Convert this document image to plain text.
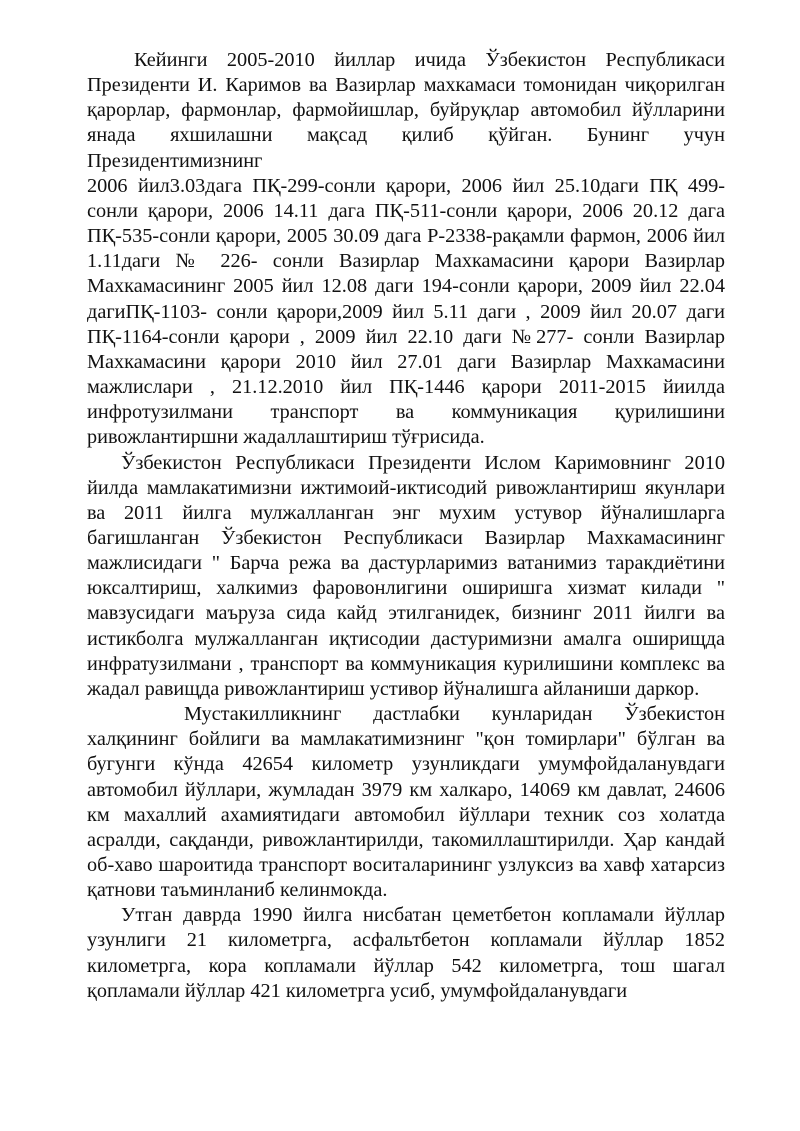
Кейинги 2005-2010 йиллар ичида Ўзбекистон Республикаси Президенти И. Каримов ва Вазирлар махкамаси томонидан чиқорилган қарорлар, фармонлар, фармойишлар, буйруқлар автомобил йўлларини янада яхшилашни мақсад қилиб қўйган. Бунинг учун Президентимизнинг

2006 йил3.03дага ПҚ-299-сонли қарори, 2006 йил 25.10даги ПҚ 499-сонли қарори, 2006 14.11 дага ПҚ-511-сонли қарори, 2006 20.12 дага ПҚ-535-сонли қарори, 2005 30.09 дага Р-2338-рақамли фармон, 2006 йил 1.11даги № 226- сонли Вазирлар Махкамасини қарори Вазирлар Махкамасининг 2005 йил 12.08 даги 194-сонли қарори, 2009 йил 22.04 дагиПҚ-1103- сонли қарори,2009 йил 5.11 даги , 2009 йил 20.07 даги ПҚ-1164-сонли қарори , 2009 йил 22.10 даги №277- сонли Вазирлар Махкамасини қарори 2010 йил 27.01 даги Вазирлар Махкамасини мажлислари , 21.12.2010 йил ПҚ-1446 қарори 2011-2015 йиилда инфротузилмани транспорт ва коммуникация қурилишини ривожлантиршни жадаллаштириш тўғрисида.

Ўзбекистон Республикаси Президенти Ислом Каримовнинг 2010 йилда мамлакатимизни ижтимоий-иктисодий ривожлантириш якунлари ва 2011 йилга мулжалланган энг мухим устувор йўналишларга багишланган Ўзбекистон Республикаси Вазирлар Махкамасининг мажлисидаги " Барча режа ва дастурларимиз ватанимиз таракдиётини юксалтириш, халкимиз фаровонлигини оширишга хизмат килади " мавзусидаги маъруза сида кайд этилганидек, бизнинг 2011 йилги ва истикболга мулжалланган иқтисодии дастуримизни амалга оширищда инфратузилмани , транспорт ва коммуникация курилишини комплекс ва жадал равищда ривожлантириш устивор йўналишга айланиши даркор.

Мустакилликнинг дастлабки кунларидан Ўзбекистон халқининг бойлиги ва мамлакатимизнинг "қон томирлари" бўлган ва бугунги кўнда 42654 километр узунликдаги умумфойдаланувдаги автомобил йўллари, жумладан 3979 км халкаро, 14069 км давлат, 24606 км махаллий ахамиятидаги автомобил йўллари техник соз холатда асралди, сақданди, ривожлантирилди, такомиллаштирилди. Ҳар кандай об-хаво шароитида транспорт воситаларининг узлуксиз ва хавф хатарсиз қатнови таъминланиб келинмокда.

Утган даврда 1990 йилга нисбатан цеметбетон копламали йўллар узунлиги 21 километрга, асфальтбетон копламали йўллар 1852 километрга, кора копламали йўллар 542 километрга, тош шагал қопламали йўллар 421 километрга усиб, умумфойдаланувдаги
